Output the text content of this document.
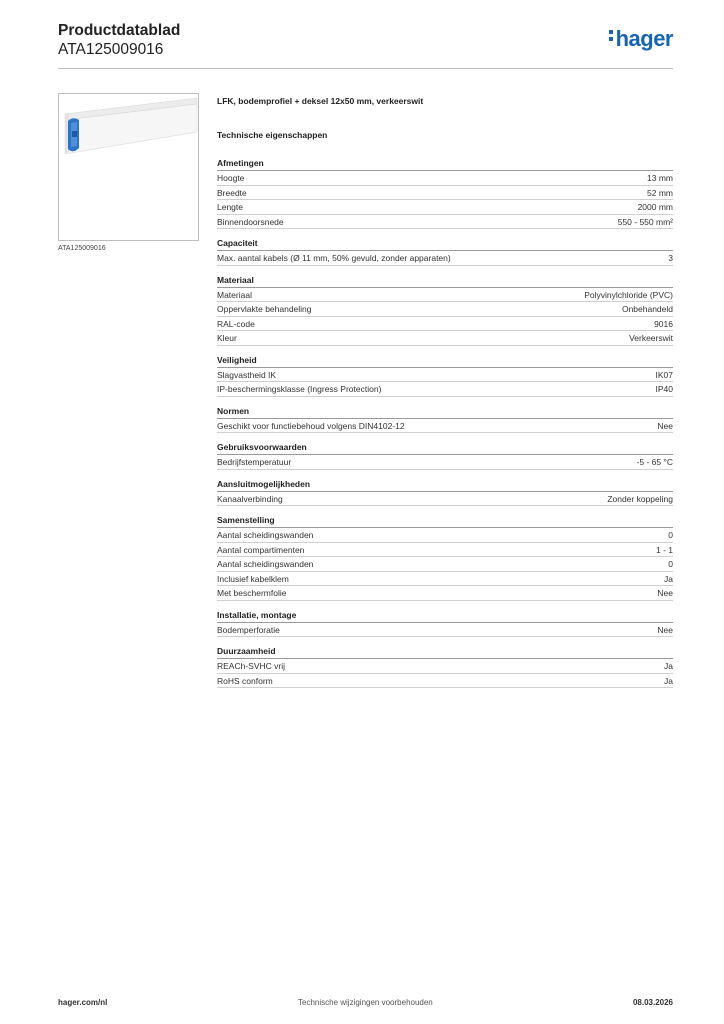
Productdatablad
ATA125009016	hager
ATA125009016
LFK, bodemprofiel + deksel 12x50 mm, verkeerswit
Technische eigenschappen
Afmetingen
Hoogte	13 mm
Breedte	52 mm
Lengte	2000 mm
Binnendoorsnede	550 - 550 mm²
Capaciteit
Max. aantal kabels (Ø 11 mm, 50% gevuld, zonder apparaten)	3
Materiaal
Materiaal	Polyvinylchloride (PVC)
Oppervlakte behandeling	Onbehandeld
RAL-code	9016
Kleur	Verkeerswit
Veiligheid
Slagvastheid IK	IK07
IP-beschermingsklasse (Ingress Protection)	IP40
Normen
Geschikt voor functiebehoud volgens DIN4102-12	Nee
Gebruiksvoorwaarden
Bedrijfstemperatuur	-5 - 65 °C
Aansluitmogelijkheden
Kanaalverbinding	Zonder koppeling
Samenstelling
Aantal scheidingswanden	0
Aantal compartimenten	1 - 1
Aantal scheidingswanden	0
Inclusief kabelklem	Ja
Met beschermfolie	Nee
Installatie, montage
Bodemperforatie	Nee
Duurzaamheid
REACh-SVHC vrij	Ja
RoHS conform	Ja
hager.com/nl	Technische wijzigingen voorbehouden	08.03.2026
